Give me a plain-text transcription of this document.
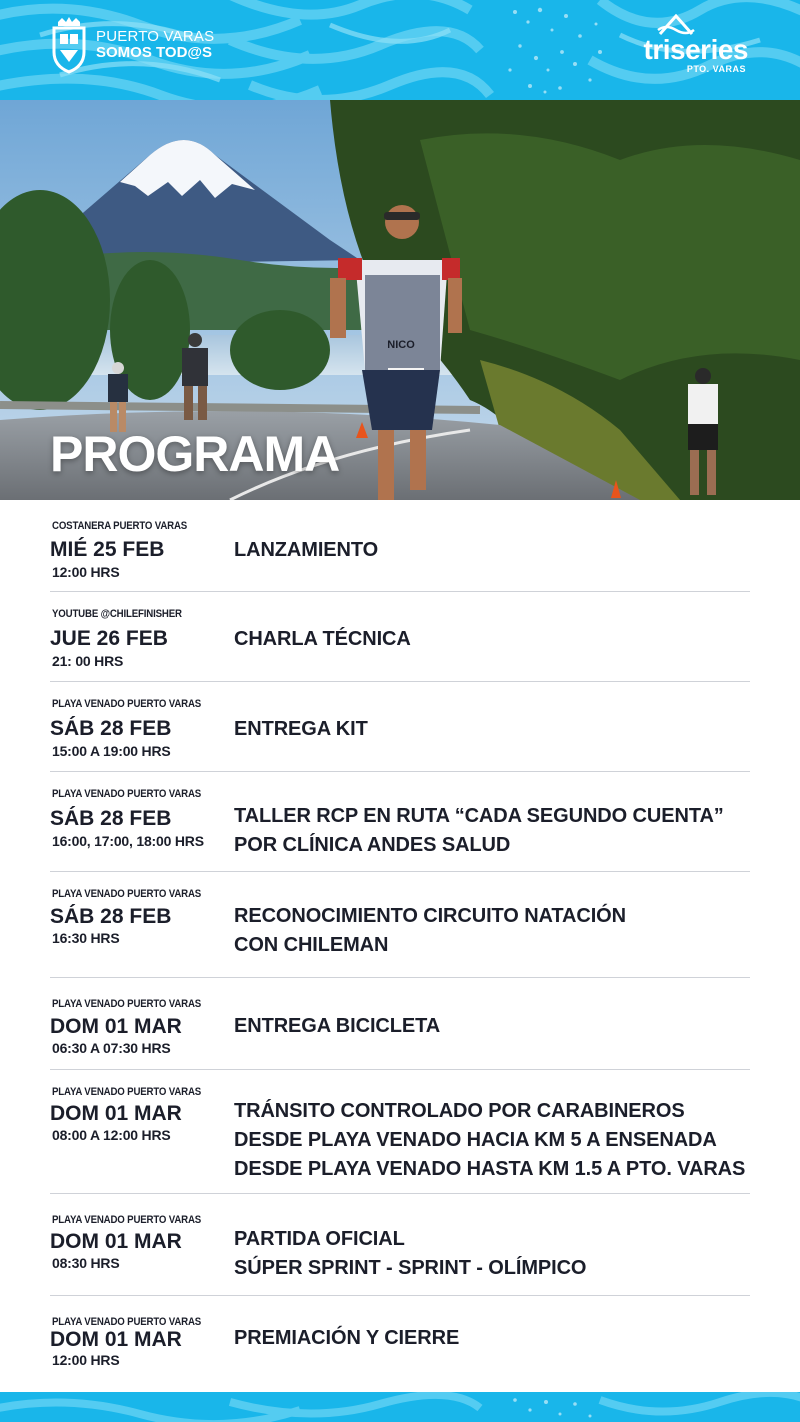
PUERTO VARAS
SOMOS TOD@S	triseries
PTO. VARAS
NICO
PROGRAMA
COSTANERA PUERTO VARAS
MIÉ 25 FEB
12:00 HRS
LANZAMIENTO
YOUTUBE @CHILEFINISHER
JUE 26 FEB
21: 00 HRS
CHARLA TÉCNICA
PLAYA VENADO PUERTO VARAS
SÁB 28 FEB
15:00 A 19:00 HRS
ENTREGA KIT
PLAYA VENADO PUERTO VARAS
SÁB 28 FEB
16:00, 17:00, 18:00 HRS
TALLER RCP EN RUTA “CADA SEGUNDO CUENTA”
POR CLÍNICA ANDES SALUD
PLAYA VENADO PUERTO VARAS
SÁB 28 FEB
16:30 HRS
RECONOCIMIENTO CIRCUITO NATACIÓN
CON CHILEMAN
PLAYA VENADO PUERTO VARAS
DOM 01 MAR
06:30 A 07:30 HRS
ENTREGA BICICLETA
PLAYA VENADO PUERTO VARAS
DOM 01 MAR
08:00 A 12:00 HRS
TRÁNSITO CONTROLADO POR CARABINEROS
DESDE PLAYA VENADO HACIA KM 5 A ENSENADA
DESDE PLAYA VENADO HASTA KM 1.5 A PTO. VARAS
PLAYA VENADO PUERTO VARAS
DOM 01 MAR
08:30 HRS
PARTIDA OFICIAL
SÚPER SPRINT - SPRINT - OLÍMPICO
PLAYA VENADO PUERTO VARAS
DOM 01 MAR
12:00 HRS
PREMIACIÓN Y CIERRE
